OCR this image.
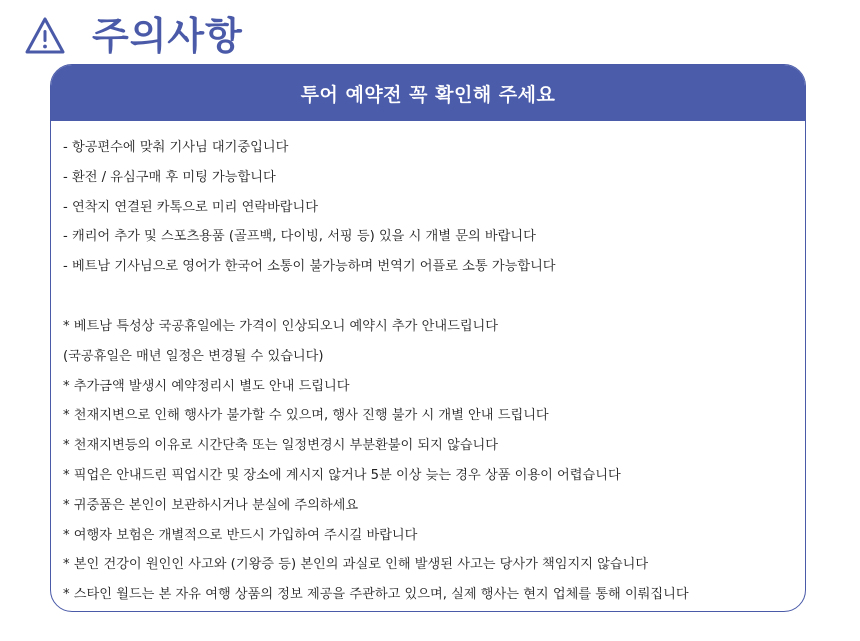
주의사항
투어 예약전 꼭 확인해 주세요
- 항공편수에 맞춰 기사님 대기중입니다
- 환전 / 유심구매 후 미팅 가능합니다
- 연착지 연결된 카톡으로 미리 연락바랍니다
- 캐리어 추가 및 스포츠용품 (골프백, 다이빙, 서핑 등) 있을 시 개별 문의 바랍니다
- 베트남 기사님으로 영어가 한국어 소통이 불가능하며 번역기 어플로 소통 가능합니다
* 베트남 특성상 국공휴일에는 가격이 인상되오니 예약시 추가 안내드립니다
(국공휴일은 매년 일정은 변경될 수 있습니다)
* 추가금액 발생시 예약정리시 별도 안내 드립니다
* 천재지변으로 인해 행사가 불가할 수 있으며, 행사 진행 불가 시 개별 안내 드립니다
* 천재지변등의 이유로 시간단축 또는 일정변경시 부분환불이 되지 않습니다
* 픽업은 안내드린 픽업시간 및 장소에 계시지 않거나 5분 이상 늦는 경우 상품 이용이 어렵습니다
* 귀중품은 본인이 보관하시거나 분실에 주의하세요
* 여행자 보험은 개별적으로 반드시 가입하여 주시길 바랍니다
* 본인 건강이 원인인 사고와 (기왕증 등) 본인의 과실로 인해 발생된 사고는 당사가 책임지지 않습니다
* 스타인 월드는 본 자유 여행 상품의 정보 제공을 주관하고 있으며, 실제 행사는 현지 업체를 통해 이뤄집니다
